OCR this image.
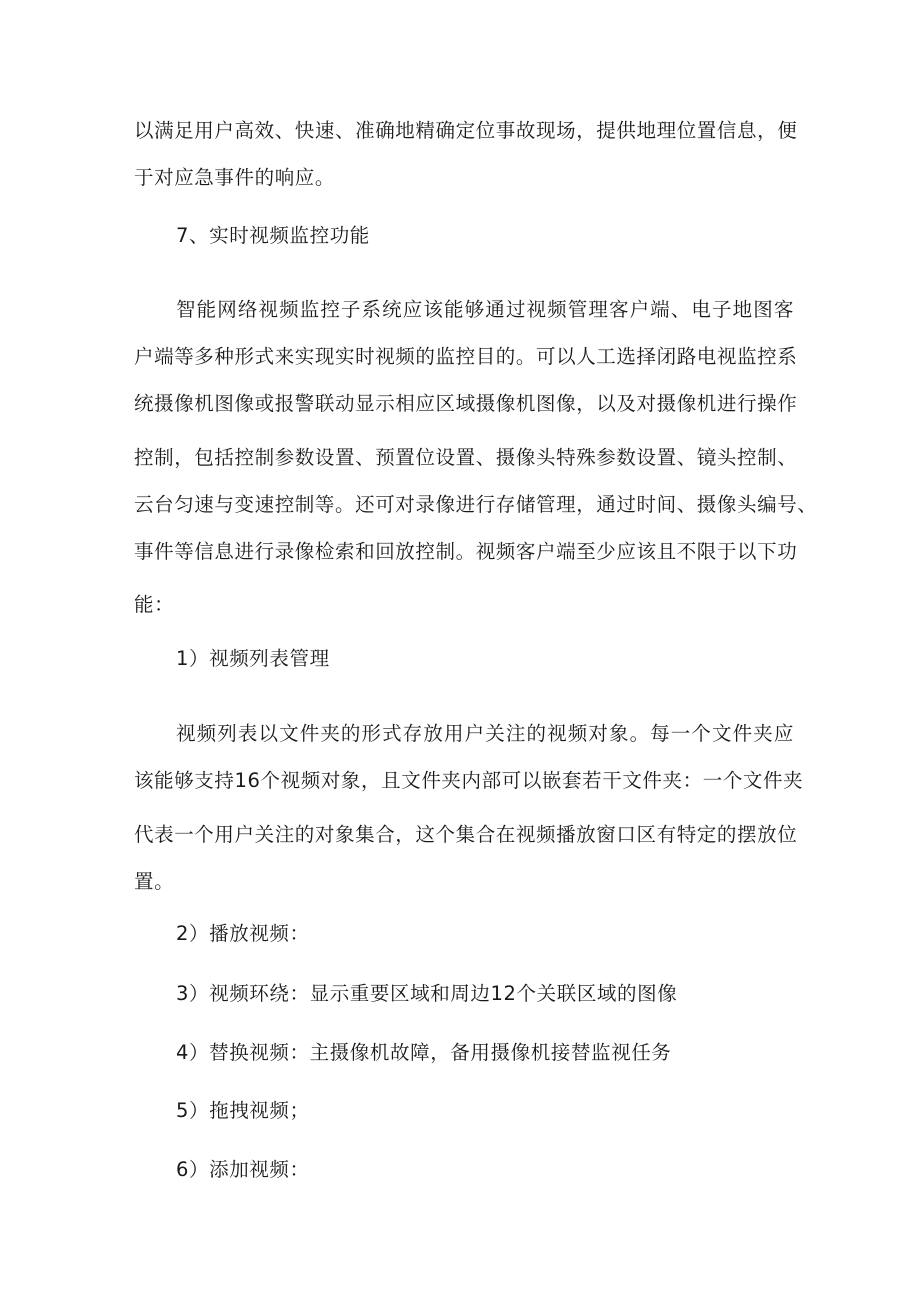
以满足用户高效、快速、准确地精确定位事故现场，提供地理位置信息，便
于对应急事件的响应。
7、实时视频监控功能
智能网络视频监控子系统应该能够通过视频管理客户端、电子地图客
户端等多种形式来实现实时视频的监控目的。可以人工选择闭路电视监控系
统摄像机图像或报警联动显示相应区域摄像机图像，以及对摄像机进行操作
控制，包括控制参数设置、预置位设置、摄像头特殊参数设置、镜头控制、
云台匀速与变速控制等。还可对录像进行存储管理，通过时间、摄像头编号、
事件等信息进行录像检索和回放控制。视频客户端至少应该且不限于以下功
能：
1）视频列表管理
视频列表以文件夹的形式存放用户关注的视频对象。每一个文件夹应
该能够支持16个视频对象，且文件夹内部可以嵌套若干文件夹：一个文件夹
代表一个用户关注的对象集合，这个集合在视频播放窗口区有特定的摆放位
置。
2）播放视频：
3）视频环绕：显示重要区域和周边12个关联区域的图像
4）替换视频：主摄像机故障，备用摄像机接替监视任务
5）拖拽视频；
6）添加视频：
